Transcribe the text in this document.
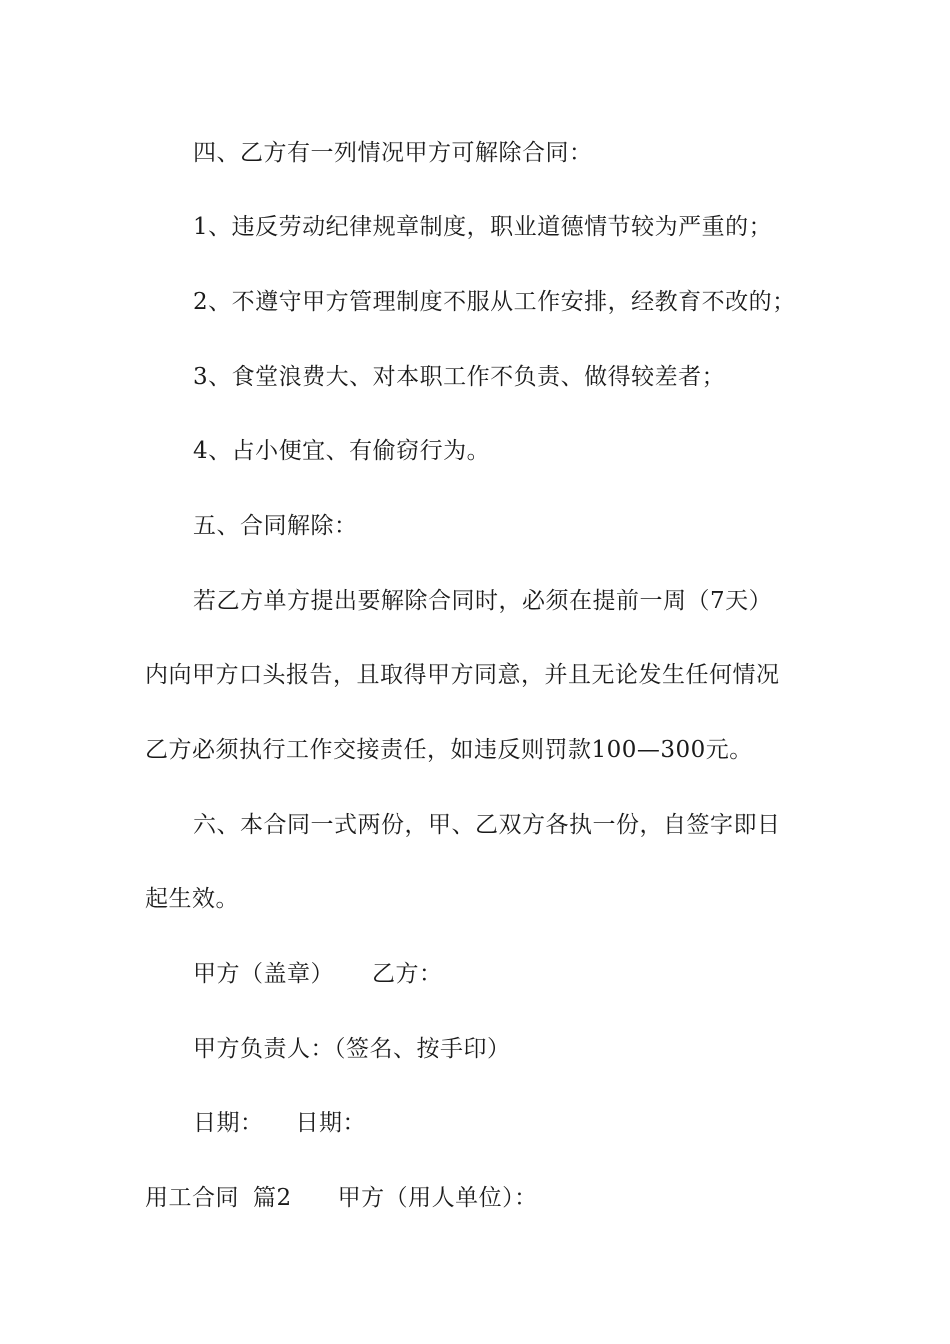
四、乙方有一列情况甲方可解除合同：
1、违反劳动纪律规章制度，职业道德情节较为严重的；
2、不遵守甲方管理制度不服从工作安排，经教育不改的；
3、食堂浪费大、对本职工作不负责、做得较差者；
4、占小便宜、有偷窃行为。
五、合同解除：
若乙方单方提出要解除合同时，必须在提前一周（7天）
内向甲方口头报告，且取得甲方同意，并且无论发生任何情况
乙方必须执行工作交接责任，如违反则罚款100—300元。
六、本合同一式两份，甲、乙双方各执一份，自签字即日
起生效。
甲方（盖章） 乙方：
甲方负责人：（签名、按手印）
日期： 日期：
用工合同 篇2 甲方（用人单位）：
